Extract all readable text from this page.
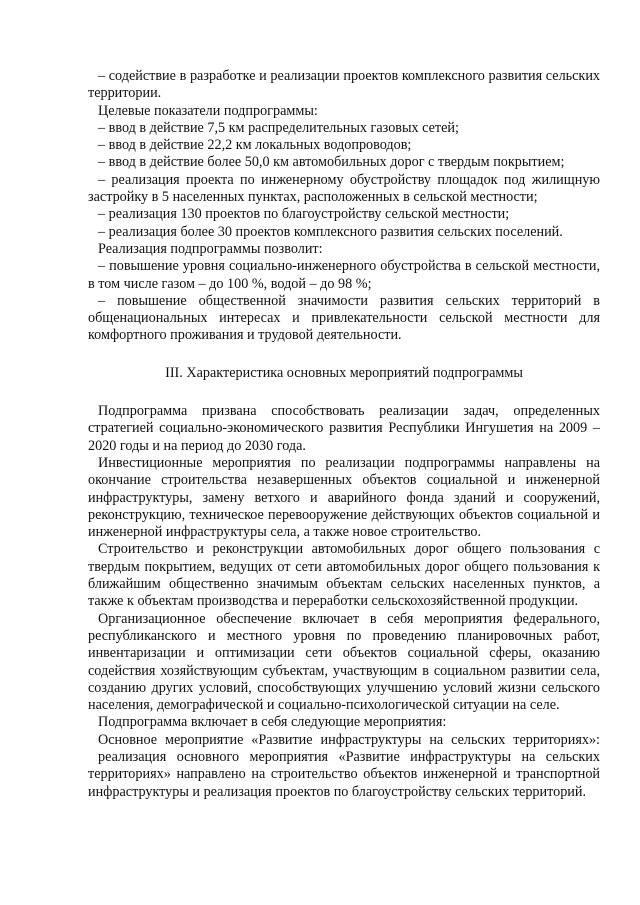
– содействие в разработке и реализации проектов комплексного развития сельских территории.

Целевые показатели подпрограммы:

– ввод в действие 7,5 км распределительных газовых сетей;

– ввод в действие 22,2 км локальных водопроводов;

– ввод в действие более 50,0 км автомобильных дорог с твердым покрытием;

– реализация проекта по инженерному обустройству площадок под жилищную застройку в 5 населенных пунктах, расположенных в сельской местности;

– реализация 130 проектов по благоустройству сельской местности;

– реализация более 30 проектов комплексного развития сельских поселений.

Реализация подпрограммы позволит:

– повышение уровня социально-инженерного обустройства в сельской местности, в том числе газом – до 100 %, водой – до 98 %;

– повышение общественной значимости развития сельских территорий в общенациональных интересах и привлекательности сельской местности для комфортного проживания и трудовой деятельности.

III. Характеристика основных мероприятий подпрограммы

Подпрограмма призвана способствовать реализации задач, определенных стратегией социально-экономического развития Республики Ингушетия на 2009 – 2020 годы и на период до 2030 года.

Инвестиционные мероприятия по реализации подпрограммы направлены на окончание строительства незавершенных объектов социальной и инженерной инфраструктуры, замену ветхого и аварийного фонда зданий и сооружений, реконструкцию, техническое перевооружение действующих объектов социальной и инженерной инфраструктуры села, а также новое строительство.

Строительство и реконструкции автомобильных дорог общего пользования с твердым покрытием, ведущих от сети автомобильных дорог общего пользования к ближайшим общественно значимым объектам сельских населенных пунктов, а также к объектам производства и переработки сельскохозяйственной продукции.

Организационное обеспечение включает в себя мероприятия федерального, республиканского и местного уровня по проведению планировочных работ, инвентаризации и оптимизации сети объектов социальной сферы, оказанию содействия хозяйствующим субъектам, участвующим в социальном развитии села, созданию других условий, способствующих улучшению условий жизни сельского населения, демографической и социально-психологической ситуации на селе.

Подпрограмма включает в себя следующие мероприятия:

Основное мероприятие «Развитие инфраструктуры на сельских территориях»:

реализация основного мероприятия «Развитие инфраструктуры на сельских территориях» направлено на строительство объектов инженерной и транспортной инфраструктуры и реализация проектов по благоустройству сельских территорий.
